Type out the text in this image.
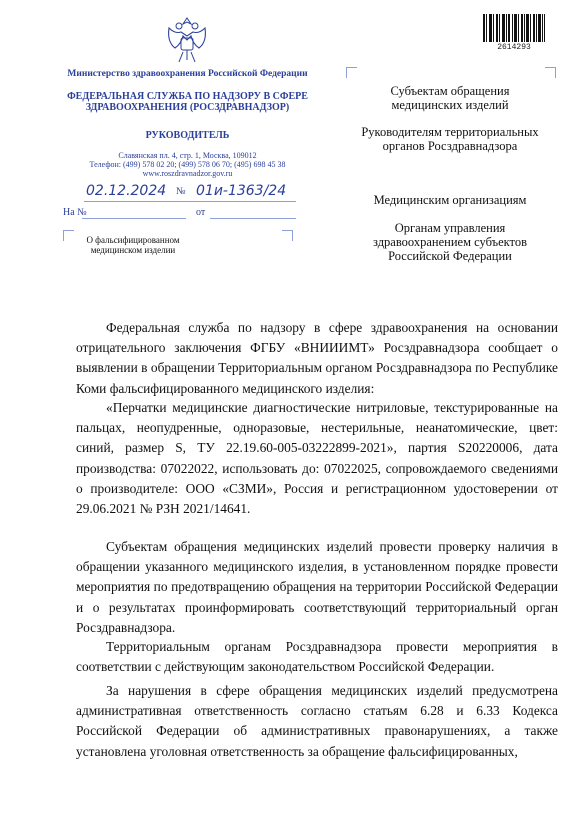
Министерство здравоохранения Российской Федерации
ФЕДЕРАЛЬНАЯ СЛУЖБА ПО НАДЗОРУ В СФЕРЕ ЗДРАВООХРАНЕНИЯ (РОСЗДРАВНАДЗОР)
РУКОВОДИТЕЛЬ
Славянская пл. 4, стр. 1, Москва, 109012
Телефон: (499) 578 02 20; (499) 578 06 70; (495) 698 45 38
www.roszdravnadzor.gov.ru
2614293
02.12.2024 № 01и-1363/24
На №	от
О фальсифицированном медицинском изделии
Субъектам обращения медицинских изделий
Руководителям территориальных органов Росздравнадзора
Медицинским организациям
Органам управления здравоохранением субъектов Российской Федерации
Федеральная служба по надзору в сфере здравоохранения на основании отрицательного заключения ФГБУ «ВНИИИМТ» Росздравнадзора сообщает о выявлении в обращении Территориальным органом Росздравнадзора по Республике Коми фальсифицированного медицинского изделия:
«Перчатки медицинские диагностические нитриловые, текстурированные на пальцах, неопудренные, одноразовые, нестерильные, неанатомические, цвет: синий, размер S, ТУ 22.19.60-005-03222899-2021», партия S20220006, дата производства: 07022022, использовать до: 07022025, сопровождаемого сведениями о производителе: ООО «СЗМИ», Россия и регистрационном удостоверении от 29.06.2021 № РЗН 2021/14641.
Субъектам обращения медицинских изделий провести проверку наличия в обращении указанного медицинского изделия, в установленном порядке провести мероприятия по предотвращению обращения на территории Российской Федерации и о результатах проинформировать соответствующий территориальный орган Росздравнадзора.
Территориальным органам Росздравнадзора провести мероприятия в соответствии с действующим законодательством Российской Федерации.
За нарушения в сфере обращения медицинских изделий предусмотрена административная ответственность согласно статьям 6.28 и 6.33 Кодекса Российской Федерации об административных правонарушениях, а также установлена уголовная ответственность за обращение фальсифицированных,
